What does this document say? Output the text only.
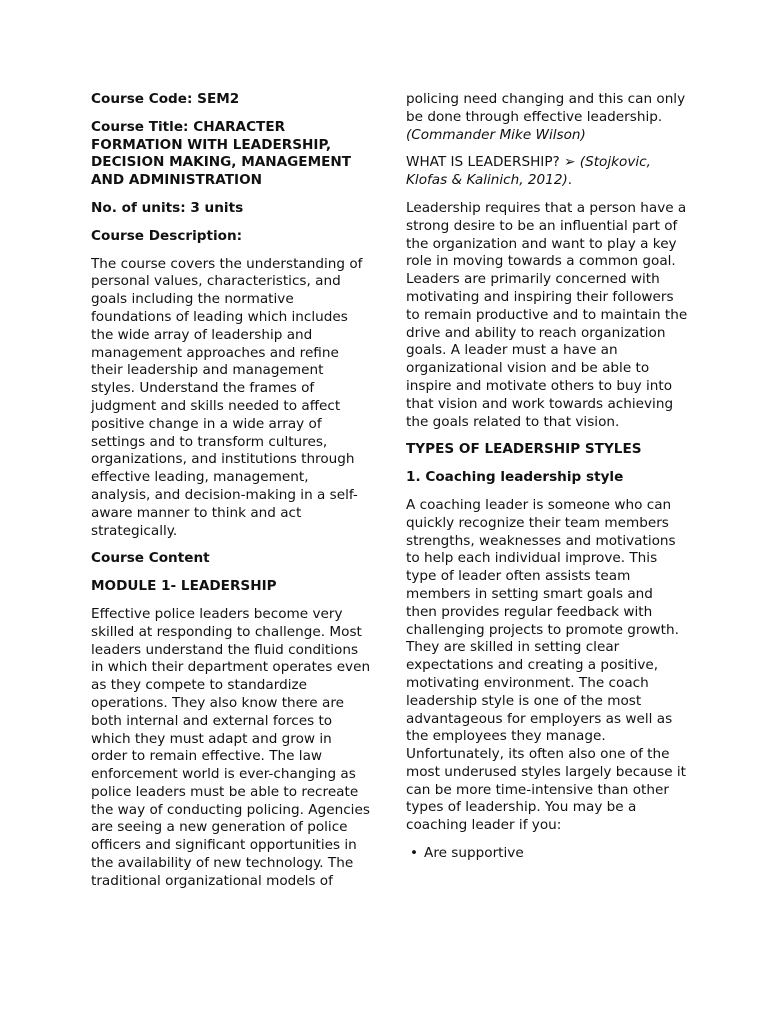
Course Code: SEM2

Course Title: CHARACTER FORMATION WITH LEADERSHIP, DECISION MAKING, MANAGEMENT AND ADMINISTRATION

No. of units: 3 units

Course Description:

The course covers the understanding of personal values, characteristics, and goals including the normative foundations of leading which includes the wide array of leadership and management approaches and refine their leadership and management styles. Understand the frames of judgment and skills needed to affect positive change in a wide array of settings and to transform cultures, organizations, and institutions through effective leading, management, analysis, and decision-making in a self-aware manner to think and act strategically.

Course Content

MODULE 1- LEADERSHIP

Effective police leaders become very skilled at responding to challenge. Most leaders understand the fluid conditions in which their department operates even as they compete to standardize operations. They also know there are both internal and external forces to which they must adapt and grow in order to remain effective. The law enforcement world is ever-changing as police leaders must be able to recreate the way of conducting policing. Agencies are seeing a new generation of police officers and significant opportunities in the availability of new technology. The traditional organizational models of

policing need changing and this can only be done through effective leadership. (Commander Mike Wilson)

WHAT IS LEADERSHIP? ➢ (Stojkovic, Klofas & Kalinich, 2012).

Leadership requires that a person have a strong desire to be an influential part of the organization and want to play a key role in moving towards a common goal. Leaders are primarily concerned with motivating and inspiring their followers to remain productive and to maintain the drive and ability to reach organization goals. A leader must a have an organizational vision and be able to inspire and motivate others to buy into that vision and work towards achieving the goals related to that vision.

TYPES OF LEADERSHIP STYLES

1. Coaching leadership style

A coaching leader is someone who can quickly recognize their team members strengths, weaknesses and motivations to help each individual improve. This type of leader often assists team members in setting smart goals and then provides regular feedback with challenging projects to promote growth. They are skilled in setting clear expectations and creating a positive, motivating environment. The coach leadership style is one of the most advantageous for employers as well as the employees they manage. Unfortunately, its often also one of the most underused styles largely because it can be more time-intensive than other types of leadership. You may be a coaching leader if you:

• Are supportive
